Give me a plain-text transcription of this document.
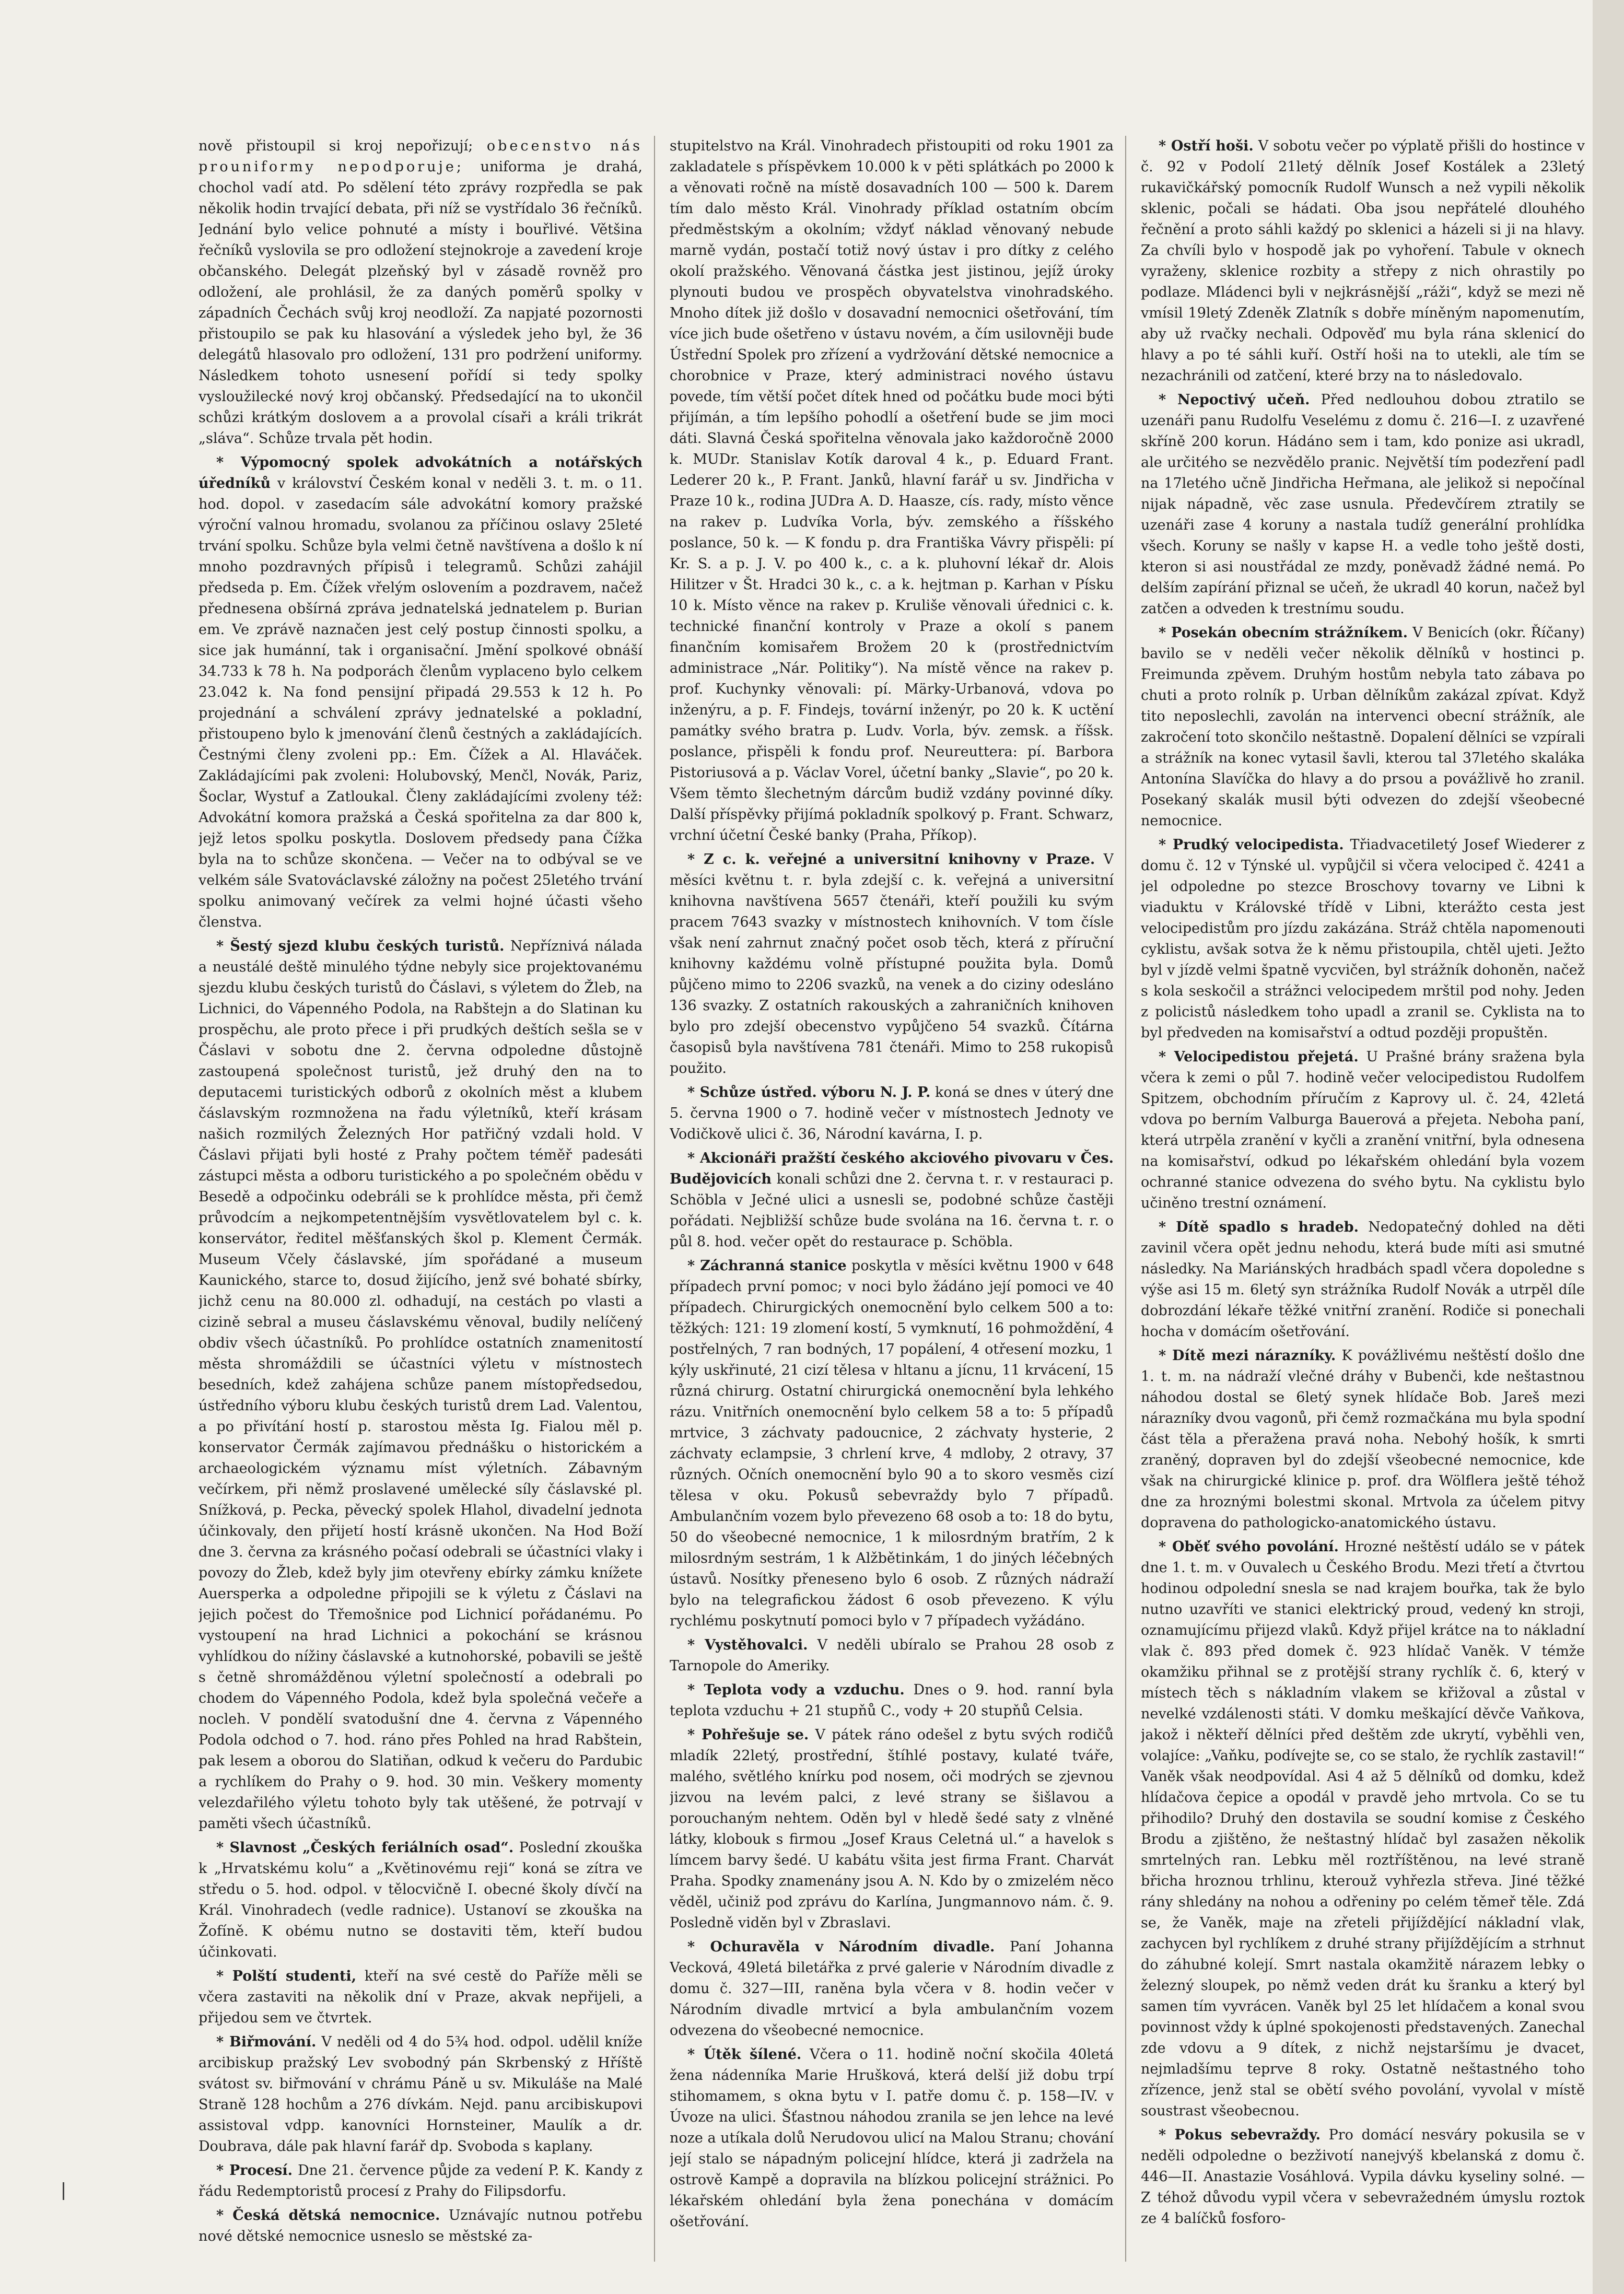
nově přistoupil si kroj nepořizují; obecenstvo nás prouniformy nepodporuje; uniforma je drahá, chochol vadí atd. Po sdělení této zprávy rozpředla se pak několik hodin trvající debata, při níž se vystřídalo 36 řečníků. Jednání bylo velice pohnuté a místy i bouřlivé. Většina řečníků vyslovila se pro odložení stejnokroje a zavedení kroje občanského. Delegát plzeňský byl v zásadě rovněž pro odložení, ale prohlásil, že za daných poměrů spolky v západních Čechách svůj kroj neodloží. Za napjaté pozornosti přistoupilo se pak ku hlasování a výsledek jeho byl, že 36 delegátů hlasovalo pro odložení, 131 pro podržení uniformy. Následkem tohoto usnesení pořídí si tedy spolky vysloužilecké nový kroj občanský. Předsedající na to ukončil schůzi krátkým doslovem a a provolal císaři a králi trikrát „sláva“. Schůze trvala pět hodin.

* Výpomocný spolek advokátních a notářských úředníků v království Českém konal v neděli 3. t. m. o 11. hod. dopol. v zasedacím sále advokátní komory pražské výroční valnou hromadu, svolanou za příčinou oslavy 25leté trvání spolku. Schůze byla velmi četně navštívena a došlo k ní mnoho pozdravných přípisů i telegramů. Schůzi zahájil předseda p. Em. Čížek vřelým oslovením a pozdravem, načež přednesena obšírná zpráva jednatelská jednatelem p. Burian em. Ve zprávě naznačen jest celý postup činnosti spolku, a sice jak humánní, tak i organisační. Jmění spolkové obnáší 34.733 k 78 h. Na podporách členům vyplaceno bylo celkem 23.042 k. Na fond pensijní připadá 29.553 k 12 h. Po projednání a schválení zprávy jednatelské a pokladní, přistoupeno bylo k jmenování členů čestných a zakládajících. Čestnými členy zvoleni pp.: Em. Čížek a Al. Hlaváček. Zakládajícími pak zvoleni: Holubovský, Menčl, Novák, Pariz, Šoclar, Wystuf a Zatloukal. Členy zakládajícími zvoleny též: Advokátní komora pražská a Česká spořitelna za dar 800 k, jejž letos spolku poskytla. Doslovem předsedy pana Čížka byla na to schůze skončena. — Večer na to odbýval se ve velkém sále Svatováclavské záložny na počest 25letého trvání spolku animovaný večírek za velmi hojné účasti všeho členstva.

* Šestý sjezd klubu českých turistů. Nepříznivá nálada a neustálé deště minulého týdne nebyly sice projektovanému sjezdu klubu českých turistů do Čáslavi, s výletem do Žleb, na Lichnici, do Vápenného Podola, na Rabštejn a do Slatinan ku prospěchu, ale proto přece i při prudkých deštích sešla se v Čáslavi v sobotu dne 2. června odpoledne důstojně zastoupená společnost turistů, jež druhý den na to deputacemi turistických odborů z okolních měst a klubem čáslavským rozmnožena na řadu výletníků, kteří krásam našich rozmilých Železných Hor patřičný vzdali hold. V Čáslavi přijati byli hosté z Prahy počtem téměř padesáti zástupci města a odboru turistického a po společném obědu v Besedě a odpočinku odebráli se k prohlídce města, při čemž průvodcím a nejkompetentnějším vysvětlovatelem byl c. k. konservátor, ředitel měšťanských škol p. Klement Čermák. Museum Včely čáslavské, jím spořádané a museum Kaunického, starce to, dosud žijícího, jenž své bohaté sbírky, jichž cenu na 80.000 zl. odhadují, na cestách po vlasti a cizině sebral a museu čáslavskému věnoval, budily nelíčený obdiv všech účastníků. Po prohlídce ostatních znamenitostí města shromáždili se účastníci výletu v místnostech besedních, kdež zahájena schůze panem místopředsedou, ústředního výboru klubu českých turistů drem Lad. Valentou, a po přivítání hostí p. starostou města Ig. Fialou měl p. konservator Čermák zajímavou přednášku o historickém a archaeologickém významu míst výletních. Zábavným večírkem, při němž proslavené umělecké síly čáslavské pl. Snížková, p. Pecka, pěvecký spolek Hlahol, divadelní jednota účinkovaly, den přijetí hostí krásně ukončen. Na Hod Boží dne 3. června za krásného počasí odebrali se účastníci vlaky i povozy do Žleb, kdež byly jim otevřeny ebírky zámku knížete Auersperka a odpoledne připojili se k výletu z Čáslavi na jejich počest do Třemošnice pod Lichnicí pořádanému. Po vystoupení na hrad Lichnici a pokochání se krásnou vyhlídkou do nížiny čáslavské a kutnohorské, pobavili se ještě s četně shromážděnou výletní společností a odebrali po chodem do Vápenného Podola, kdež byla společná večeře a nocleh. V pondělí svatodušní dne 4. června z Vápenného Podola odchod o 7. hod. ráno přes Pohled na hrad Rabštein, pak lesem a oborou do Slatiňan, odkud k večeru do Pardubic a rychlíkem do Prahy o 9. hod. 30 min. Veškery momenty velezdařilého výletu tohoto byly tak utěšené, že potrvají v paměti všech účastníků.

* Slavnost „Českých feriálních osad“. Poslední zkouška k „Hrvatskému kolu“ a „Květinovému reji“ koná se zítra ve středu o 5. hod. odpol. v tělocvičně I. obecné školy dívčí na Král. Vinohradech (vedle radnice). Ustanoví se zkouška na Žofíně. K obému nutno se dostaviti těm, kteří budou účinkovati.

* Polští studenti, kteří na své cestě do Paříže měli se včera zastaviti na několik dní v Praze, akvak nepřijeli, a přijedou sem ve čtvrtek.

* Biřmování. V neděli od 4 do 5¾ hod. odpol. udělil kníže arcibiskup pražský Lev svobodný pán Skrbenský z Hříště svátost sv. biřmování v chrámu Páně u sv. Mikuláše na Malé Straně 128 hochům a 276 dívkám. Nejd. panu arcibiskupovi assistoval vdpp. kanovníci Hornsteiner, Maulík a dr. Doubrava, dále pak hlavní farář dp. Svoboda s kaplany.

* Procesí. Dne 21. července půjde za vedení P. K. Kandy z řádu Redemptoristů procesí z Prahy do Filipsdorfu.

* Česká dětská nemocnice. Uznávajíc nutnou potřebu nové dětské nemocnice usneslo se městské za-

stupitelstvo na Král. Vinohradech přistoupiti od roku 1901 za zakladatele s příspěvkem 10.000 k v pěti splátkách po 2000 k a věnovati ročně na místě dosavadních 100 — 500 k. Darem tím dalo město Král. Vinohrady příklad ostatním obcím předměstským a okolním; vždyť náklad věnovaný nebude marně vydán, postačí totiž nový ústav i pro dítky z celého okolí pražského. Věnovaná částka jest jistinou, jejíž úroky plynouti budou ve prospěch obyvatelstva vinohradského. Mnoho dítek již došlo v dosavadní nemocnici ošetřování, tím více jich bude ošetřeno v ústavu novém, a čím usilovněji bude Ústřední Spolek pro zřízení a vydržování dětské nemocnice a chorobnice v Praze, který administraci nového ústavu povede, tím větší počet dítek hned od počátku bude moci býti přijímán, a tím lepšího pohodlí a ošetření bude se jim moci dáti. Slavná Česká spořitelna věnovala jako každoročně 2000 k. MUDr. Stanislav Kotík daroval 4 k., p. Eduard Frant. Lederer 20 k., P. Frant. Janků, hlavní farář u sv. Jindřicha v Praze 10 k., rodina JUDra A. D. Haasze, cís. rady, místo věnce na rakev p. Ludvíka Vorla, býv. zemského a říšského poslance, 50 k. — K fondu p. dra Františka Vávry přispěli: pí Kr. S. a p. J. V. po 400 k., c. a k. pluhovní lékař dr. Alois Hilitzer v Št. Hradci 30 k., c. a k. hejtman p. Karhan v Písku 10 k. Místo věnce na rakev p. Kruliše věnovali úřednici c. k. technické finanční kontroly v Praze a okolí s panem finančním komisařem Brožem 20 k (prostřednictvím administrace „Nár. Politiky“). Na místě věnce na rakev p. prof. Kuchynky věnovali: pí. Märky-Urbanová, vdova po inženýru, a p. F. Findejs, tovární inženýr, po 20 k. K uctění památky svého bratra p. Ludv. Vorla, býv. zemsk. a říšsk. poslance, přispěli k fondu prof. Neureuttera: pí. Barbora Pistoriusová a p. Václav Vorel, účetní banky „Slavie“, po 20 k. Všem těmto šlechetným dárcům budiž vzdány povinné díky. Další příspěvky přijímá pokladník spolkový p. Frant. Schwarz, vrchní účetní České banky (Praha, Příkop).

* Z c. k. veřejné a universitní knihovny v Praze. V měsíci květnu t. r. byla zdejší c. k. veřejná a universitní knihovna navštívena 5657 čtenáři, kteří použili ku svým pracem 7643 svazky v místnostech knihovních. V tom čísle však není zahrnut značný počet osob těch, která z příruční knihovny každému volně přístupné použita byla. Domů půjčeno mimo to 2206 svazků, na venek a do ciziny odesláno 136 svazky. Z ostatních rakouských a zahraničních knihoven bylo pro zdejší obecenstvo vypůjčeno 54 svazků. Čítárna časopisů byla navštívena 781 čtenáři. Mimo to 258 rukopisů použito.

* Schůze ústřed. výboru N. J. P. koná se dnes v úterý dne 5. června 1900 o 7. hodině večer v místnostech Jednoty ve Vodičkově ulici č. 36, Národní kavárna, I. p.

* Akcionáři pražští českého akciového pivovaru v Čes. Budějovicích konali schůzi dne 2. června t. r. v restauraci p. Schöbla v Ječné ulici a usnesli se, podobné schůze častěji pořádati. Nejbližší schůze bude svolána na 16. června t. r. o půl 8. hod. večer opět do restaurace p. Schöbla.

* Záchranná stanice poskytla v měsíci květnu 1900 v 648 případech první pomoc; v noci bylo žádáno její pomoci ve 40 případech. Chirurgických onemocnění bylo celkem 500 a to: těžkých: 121: 19 zlomení kostí, 5 vymknutí, 16 pohmoždění, 4 postřelných, 7 ran bodných, 17 popálení, 4 otřesení mozku, 1 kýly uskřinuté, 21 cizí tělesa v hltanu a jícnu, 11 krvácení, 15 různá chirurg. Ostatní chirurgická onemocnění byla lehkého rázu. Vnitřních onemocnění bylo celkem 58 a to: 5 případů mrtvice, 3 záchvaty padoucnice, 2 záchvaty hysterie, 2 záchvaty eclampsie, 3 chrlení krve, 4 mdloby, 2 otravy, 37 různých. Očních onemocnění bylo 90 a to skoro vesměs cizí tělesa v oku. Pokusů sebevraždy bylo 7 případů. Ambulančním vozem bylo převezeno 68 osob a to: 18 do bytu, 50 do všeobecné nemocnice, 1 k milosrdným bratřím, 2 k milosrdným sestrám, 1 k Alžbětinkám, 1 do jiných léčebných ústavů. Nosítky přeneseno bylo 6 osob. Z různých nádraží bylo na telegrafickou žádost 6 osob převezeno. K výlu rychlému poskytnutí pomoci bylo v 7 případech vyžádáno.

* Vystěhovalci. V neděli ubíralo se Prahou 28 osob z Tarnopole do Ameriky.

* Teplota vody a vzduchu. Dnes o 9. hod. ranní byla teplota vzduchu + 21 stupňů C., vody + 20 stupňů Celsia.

* Pohřešuje se. V pátek ráno odešel z bytu svých rodičů mladík 22letý, prostřední, štíhlé postavy, kulaté tváře, malého, světlého knírku pod nosem, oči modrých se zjevnou jizvou na levém palci, z levé strany se šišlavou a porouchaným nehtem. Oděn byl v hledě šedé saty z vlněné látky, klobouk s firmou „Josef Kraus Celetná ul.“ a havelok s límcem barvy šedé. U kabátu všita jest firma Frant. Charvát Praha. Spodky znamenány jsou A. N. Kdo by o zmizelém něco věděl, učiniž pod zprávu do Karlína, Jungmannovo nám. č. 9. Posledně viděn byl v Zbraslavi.

* Ochuravěla v Národním divadle. Paní Johanna Vecková, 49letá biletářka z prvé galerie v Národním divadle z domu č. 327—III, raněna byla včera v 8. hodin večer v Národním divadle mrtvicí a byla ambulančním vozem odvezena do všeobecné nemocnice.

* Útěk šílené. Včera o 11. hodině noční skočila 40letá žena nádenníka Marie Hrušková, která delší již dobu trpí stihomamem, s okna bytu v I. patře domu č. p. 158—IV. v Úvoze na ulici. Šťastnou náhodou zranila se jen lehce na levé noze a utíkala dolů Nerudovou ulicí na Malou Stranu; chování její stalo se nápadným policejní hlídce, která ji zadržela na ostrově Kampě a dopravila na blízkou policejní strážnici. Po lékařském ohledání byla žena ponechána v domácím ošetřování.

* Ostří hoši. V sobotu večer po výplatě přišli do hostince v č. 92 v Podolí 21letý dělník Josef Kostálek a 23letý rukavičkářský pomocník Rudolf Wunsch a než vypili několik sklenic, počali se hádati. Oba jsou nepřátelé dlouhého řečnění a proto sáhli každý po sklenici a házeli si ji na hlavy. Za chvíli bylo v hospodě jak po vyhoření. Tabule v oknech vyraženy, sklenice rozbity a střepy z nich ohrastily po podlaze. Mládenci byli v nejkrásnější „ráži“, když se mezi ně vmísil 19letý Zdeněk Zlatník s dobře míněným napomenutím, aby už rvačky nechali. Odpověď mu byla rána sklenicí do hlavy a po té sáhli kuří. Ostří hoši na to utekli, ale tím se nezachránili od zatčení, které brzy na to následovalo.

* Nepoctivý učeň. Před nedlouhou dobou ztratilo se uzenáři panu Rudolfu Veselému z domu č. 216—I. z uzavřené skříně 200 korun. Hádáno sem i tam, kdo ponize asi ukradl, ale určitého se nezvědělo pranic. Největší tím podezření padl na 17letého učně Jindřicha Heřmana, ale jelikož si nepočínal nijak nápadně, věc zase usnula. Předevčírem ztratily se uzenáři zase 4 koruny a nastala tudíž generální prohlídka všech. Koruny se našly v kapse H. a vedle toho ještě dosti, kteron si asi noustřádal ze mzdy, poněvadž žádné nemá. Po delším zapírání přiznal se učeň, že ukradl 40 korun, načež byl zatčen a odveden k trestnímu soudu.

* Posekán obecním strážníkem. V Benicích (okr. Říčany) bavilo se v neděli večer několik dělníků v hostinci p. Freimunda zpěvem. Druhým hostům nebyla tato zábava po chuti a proto rolník p. Urban dělníkům zakázal zpívat. Když tito neposlechli, zavolán na intervenci obecní strážník, ale zakročení toto skončilo neštastně. Dopalení dělníci se vzpírali a strážník na konec vytasil šavli, kterou tal 37letého skaláka Antonína Slavíčka do hlavy a do prsou a povážlivě ho zranil. Posekaný skalák musil býti odvezen do zdejší všeobecné nemocnice.

* Prudký velocipedista. Třiadvacetiletý Josef Wiederer z domu č. 12 v Týnské ul. vypůjčil si včera velociped č. 4241 a jel odpoledne po stezce Broschovy tovarny ve Libni k viaduktu v Královské třídě v Libni, kterážto cesta jest velocipedistům pro jízdu zakázána. Stráž chtěla napomenouti cyklistu, avšak sotva že k němu přistoupila, chtěl ujeti. Ježto byl v jízdě velmi špatně vycvičen, byl strážník dohoněn, načež s kola seskočil a strážnci velocipedem mrštil pod nohy. Jeden z policistů následkem toho upadl a zranil se. Cyklista na to byl předveden na komisařství a odtud později propuštěn.

* Velocipedistou přejetá. U Prašné brány sražena byla včera k zemi o půl 7. hodině večer velocipedistou Rudolfem Spitzem, obchodním příručím z Kaprovy ul. č. 24, 42letá vdova po berním Valburga Bauerová a přejeta. Neboha paní, která utrpěla zranění v kyčli a zranění vnitřní, byla odnesena na komisařství, odkud po lékařském ohledání byla vozem ochranné stanice odvezena do svého bytu. Na cyklistu bylo učiněno trestní oznámení.

* Dítě spadlo s hradeb. Nedopatečný dohled na děti zavinil včera opět jednu nehodu, která bude míti asi smutné následky. Na Mariánských hradbách spadl včera dopoledne s výše asi 15 m. 6letý syn strážníka Rudolf Novák a utrpěl díle dobrozdání lékaře těžké vnitřní zranění. Rodiče si ponechali hocha v domácím ošetřování.

* Dítě mezi nárazníky. K povážlivému neštěstí došlo dne 1. t. m. na nádraží vlečné dráhy v Bubenči, kde neštastnou náhodou dostal se 6letý synek hlídače Bob. Jareš mezi nárazníky dvou vagonů, při čemž rozmačkána mu byla spodní část těla a přeražena pravá noha. Nebohý hošík, k smrti zraněný, dopraven byl do zdejší všeobecné nemocnice, kde však na chirurgické klinice p. prof. dra Wölflera ještě téhož dne za hroznými bolestmi skonal. Mrtvola za účelem pitvy dopravena do pathologicko-anatomického ústavu.

* Oběť svého povolání. Hrozné neštěstí událo se v pátek dne 1. t. m. v Ouvalech u Českého Brodu. Mezi třetí a čtvrtou hodinou odpolední snesla se nad krajem bouřka, tak že bylo nutno uzavříti ve stanici elektrický proud, vedený kn stroji, oznamujícímu přijezd vlaků. Když přijel krátce na to nákladní vlak č. 893 před domek č. 923 hlídač Vaněk. V témže okamžiku přihnal se z protější strany rychlík č. 6, který v místech těch s nákladním vlakem se křižoval a zůstal v nevelké vzdálenosti státi. V domku meškající děvče Vaňkova, jakož i někteří dělníci před deštěm zde ukrytí, vyběhli ven, volajíce: „Vaňku, podívejte se, co se stalo, že rychlík zastavil!“ Vaněk však neodpovídal. Asi 4 až 5 dělníků od domku, kdež hlídačova čepice a opodál v pravdě jeho mrtvola. Co se tu přihodilo? Druhý den dostavila se soudní komise z Českého Brodu a zjištěno, že neštastný hlídač byl zasažen několik smrtelných ran. Lebku měl roztříštěnou, na levé straně břicha hroznou trhlinu, kterouž vyhřezla střeva. Jiné těžké rány shledány na nohou a odřeniny po celém těmeř těle. Zdá se, že Vaněk, maje na zřeteli přijíždějící nákladní vlak, zachycen byl rychlíkem z druhé strany přijíždějícím a strhnut do záhubné kolejí. Smrt nastala okamžitě nárazem lebky o železný sloupek, po němž veden drát ku šranku a který byl samen tím vyvrácen. Vaněk byl 25 let hlídačem a konal svou povinnost vždy k úplné spokojenosti představených. Zanechal zde vdovu a 9 dítek, z nichž nejstaršímu je dvacet, nejmladšímu teprve 8 roky. Ostatně neštastného toho zřízence, jenž stal se obětí svého povolání, vyvolal v místě soustrast všeobecnou.

* Pokus sebevraždy. Pro domácí nesváry pokusila se v neděli odpoledne o bezživotí nanejvýš kbelanská z domu č. 446—II. Anastazie Vosáhlová. Vypila dávku kyseliny solné. — Z téhož důvodu vypil včera v sebevražedném úmyslu roztok ze 4 balíčků fosforo-
